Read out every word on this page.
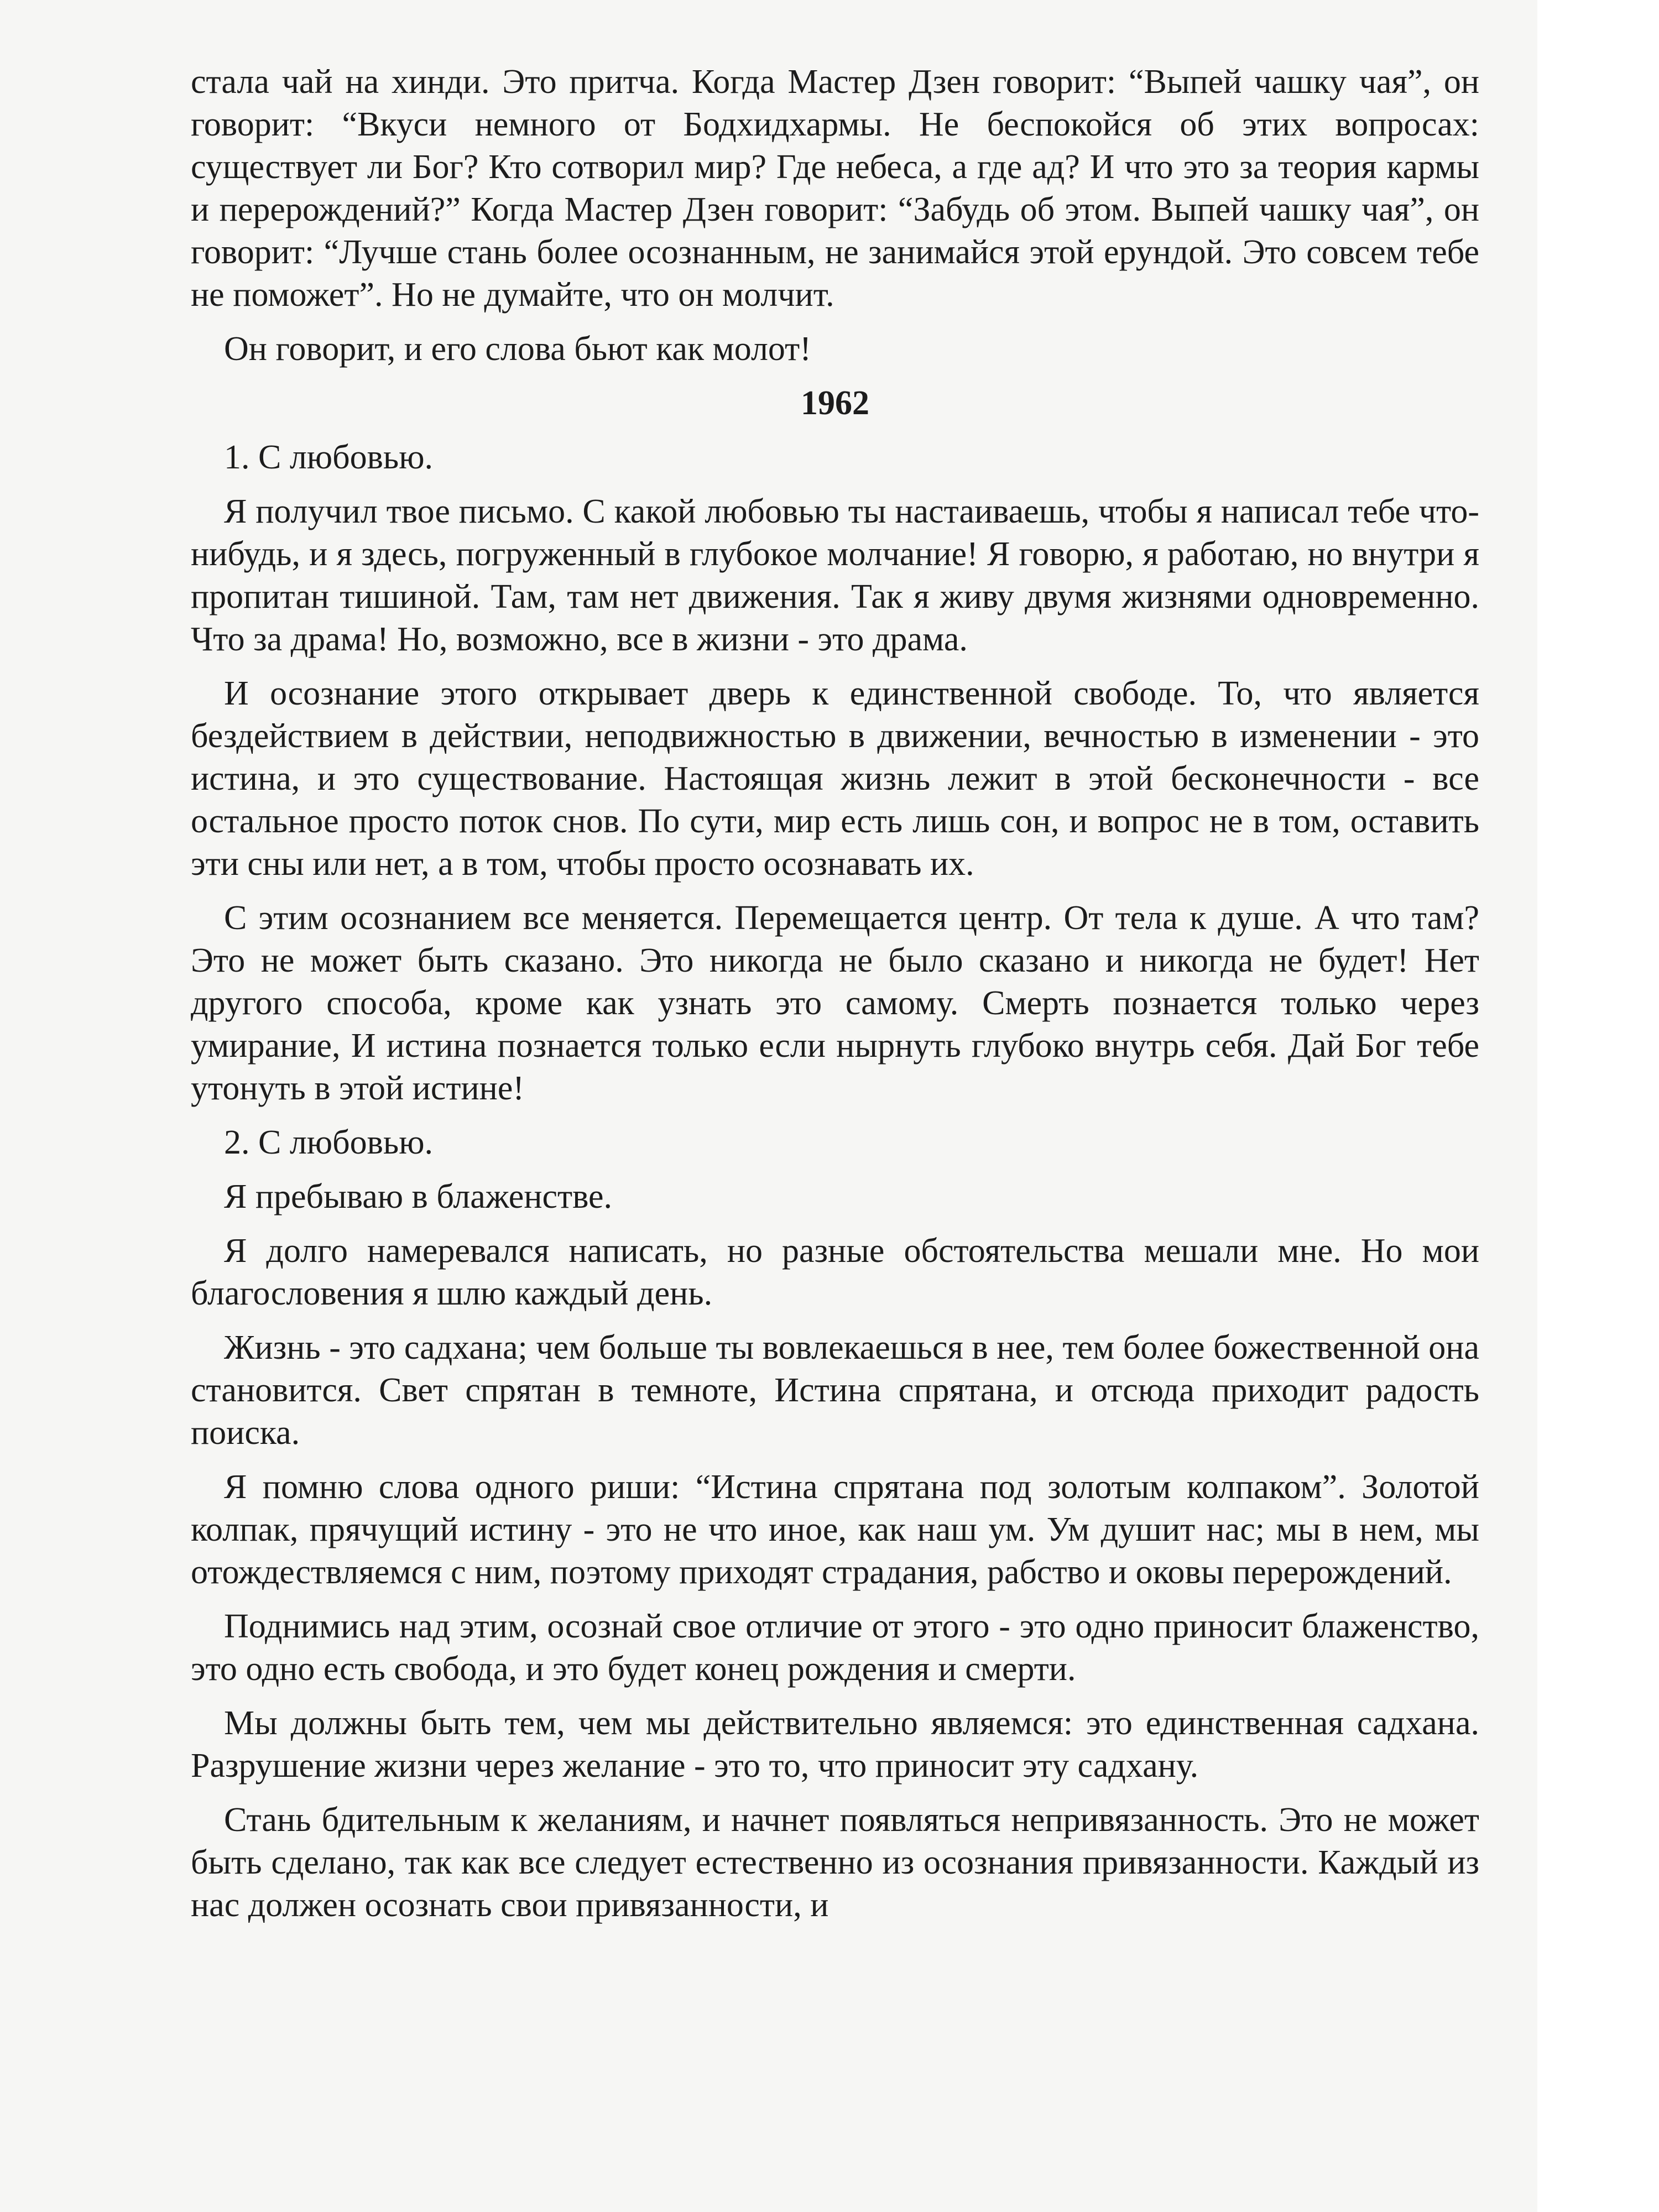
стала чай на хинди. Это притча. Когда Мастер Дзен говорит: “Выпей чашку чая”, он говорит: “Вкуси немного от Бодхидхармы. Не беспокойся об этих вопросах: существует ли Бог? Кто сотворил мир? Где небеса, а где ад? И что это за теория кармы и перерождений?” Когда Мастер Дзен говорит: “Забудь об этом. Выпей чашку чая”, он говорит: “Лучше стань более осознанным, не занимайся этой ерундой. Это совсем тебе не поможет”. Но не думайте, что он молчит.

Он говорит, и его слова бьют как молот!

1962

1. С любовью.

Я получил твое письмо. С какой любовью ты настаиваешь, чтобы я написал тебе что-нибудь, и я здесь, погруженный в глубокое молчание! Я говорю, я работаю, но внутри я пропитан тишиной. Там, там нет движения. Так я живу двумя жизнями одновременно. Что за драма! Но, возможно, все в жизни - это драма.

И осознание этого открывает дверь к единственной свободе. То, что является бездействием в действии, неподвижностью в движении, вечностью в изменении - это истина, и это существование. Настоящая жизнь лежит в этой бесконечности - все остальное просто поток снов. По сути, мир есть лишь сон, и вопрос не в том, оставить эти сны или нет, а в том, чтобы просто осознавать их.

С этим осознанием все меняется. Перемещается центр. От тела к душе. А что там? Это не может быть сказано. Это никогда не было сказано и никогда не будет! Нет другого способа, кроме как узнать это самому. Смерть познается только через умирание, И истина познается только если нырнуть глубоко внутрь себя. Дай Бог тебе утонуть в этой истине!

2. С любовью.

Я пребываю в блаженстве.

Я долго намеревался написать, но разные обстоятельства мешали мне. Но мои благословения я шлю каждый день.

Жизнь - это садхана; чем больше ты вовлекаешься в нее, тем более божественной она становится. Свет спрятан в темноте, Истина спрятана, и отсюда приходит радость поиска.

Я помню слова одного риши: “Истина спрятана под золотым колпаком”. Золотой колпак, прячущий истину - это не что иное, как наш ум. Ум душит нас; мы в нем, мы отождествляемся с ним, поэтому приходят страдания, рабство и оковы перерождений.

Поднимись над этим, осознай свое отличие от этого - это одно приносит блаженство, это одно есть свобода, и это будет конец рождения и смерти.

Мы должны быть тем, чем мы действительно являемся: это единственная садхана. Разрушение жизни через желание - это то, что приносит эту садхану.

Стань бдительным к желаниям, и начнет появляться непривязанность. Это не может быть сделано, так как все следует естественно из осознания привязанности. Каждый из нас должен осознать свои привязанности, и
